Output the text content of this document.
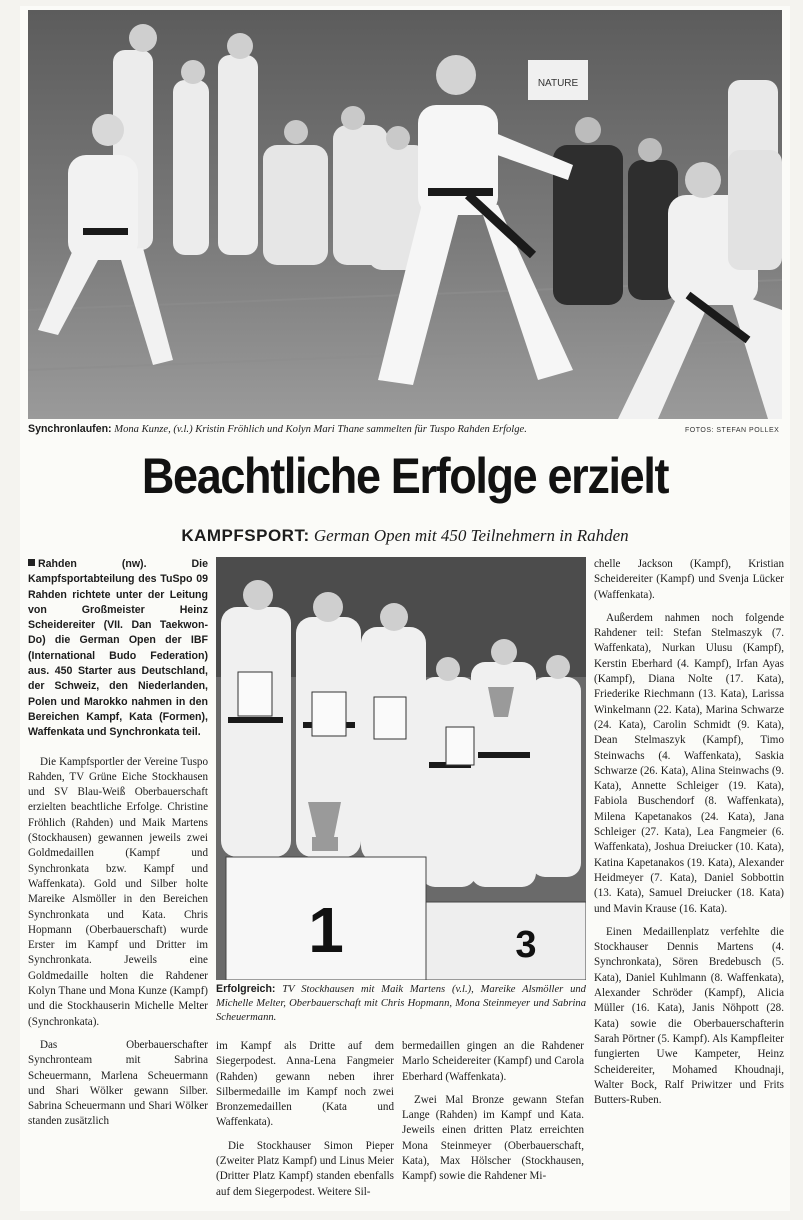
NATURE
Synchronlaufen: Mona Kunze, (v.l.) Kristin Fröhlich und Kolyn Mari Thane sammelten für Tuspo Rahden Erfolge.	FOTOS: STEFAN POLLEX
Beachtliche Erfolge erzielt
KAMPFSPORT: German Open mit 450 Teilnehmern in Rahden
1	3
Erfolgreich: TV Stockhausen mit Maik Martens (v.l.), Mareike Alsmöller und Michelle Melter, Oberbauerschaft mit Chris Hopmann, Mona Steinmeyer und Sabrina Scheuermann.

Rahden (nw). Die Kampfsportabteilung des TuSpo 09 Rahden richtete unter der Leitung von Großmeister Heinz Scheidereiter (VII. Dan Taekwon-Do) die German Open der IBF (International Budo Federation) aus. 450 Starter aus Deutschland, der Schweiz, den Niederlanden, Polen und Marokko nahmen in den Bereichen Kampf, Kata (Formen), Waffenkata und Synchronkata teil.

Die Kampfsportler der Vereine Tuspo Rahden, TV Grüne Eiche Stockhausen und SV Blau-Weiß Oberbauerschaft erzielten beachtliche Erfolge. Christine Fröhlich (Rahden) und Maik Martens (Stockhausen) gewannen jeweils zwei Goldmedaillen (Kampf und Synchronkata bzw. Kampf und Waffenkata). Gold und Silber holte Mareike Alsmöller in den Bereichen Synchronkata und Kata. Chris Hopmann (Oberbauerschaft) wurde Erster im Kampf und Dritter im Synchronkata. Jeweils eine Goldmedaille holten die Rahdener Kolyn Thane und Mona Kunze (Kampf) und die Stockhauserin Michelle Melter (Synchronkata).

Das Oberbauerschafter Synchronteam mit Sabrina Scheuermann, Marlena Scheuermann und Shari Wölker gewann Silber. Sabrina Scheuermann und Shari Wölker standen zusätzlich

im Kampf als Dritte auf dem Siegerpodest. Anna-Lena Fangmeier (Rahden) gewann neben ihrer Silbermedaille im Kampf noch zwei Bronzemedaillen (Kata und Waffenkata).

Die Stockhauser Simon Pieper (Zweiter Platz Kampf) und Linus Meier (Dritter Platz Kampf) standen ebenfalls auf dem Siegerpodest. Weitere Sil-

bermedaillen gingen an die Rahdener Marlo Scheidereiter (Kampf) und Carola Eberhard (Waffenkata).

Zwei Mal Bronze gewann Stefan Lange (Rahden) im Kampf und Kata. Jeweils einen dritten Platz erreichten Mona Steinmeyer (Oberbauerschaft, Kata), Max Hölscher (Stockhausen, Kampf) sowie die Rahdener Mi-

chelle Jackson (Kampf), Kristian Scheidereiter (Kampf) und Svenja Lücker (Waffenkata).

Außerdem nahmen noch folgende Rahdener teil: Stefan Stelmaszyk (7. Waffenkata), Nurkan Ulusu (Kampf), Kerstin Eberhard (4. Kampf), Irfan Ayas (Kampf), Diana Nolte (17. Kata), Friederike Riechmann (13. Kata), Larissa Winkelmann (22. Kata), Marina Schwarze (24. Kata), Carolin Schmidt (9. Kata), Dean Stelmaszyk (Kampf), Timo Steinwachs (4. Waffenkata), Saskia Schwarze (26. Kata), Alina Steinwachs (9. Kata), Annette Schleiger (19. Kata), Fabiola Buschendorf (8. Waffenkata), Milena Kapetanakos (24. Kata), Jana Schleiger (27. Kata), Lea Fangmeier (6. Waffenkata), Joshua Dreiucker (10. Kata), Katina Kapetanakos (19. Kata), Alexander Heidmeyer (7. Kata), Daniel Sobbottin (13. Kata), Samuel Dreiucker (18. Kata) und Mavin Krause (16. Kata).

Einen Medaillenplatz verfehlte die Stockhauser Dennis Martens (4. Synchronkata), Sören Bredebusch (5. Kata), Daniel Kuhlmann (8. Waffenkata), Alexander Schröder (Kampf), Alicia Müller (16. Kata), Janis Nöhpott (28. Kata) sowie die Oberbauerschafterin Sarah Pörtner (5. Kampf). Als Kampfleiter fungierten Uwe Kampeter, Heinz Scheidereiter, Mohamed Khoudnaji, Walter Bock, Ralf Priwitzer und Frits Butters-Ruben.
